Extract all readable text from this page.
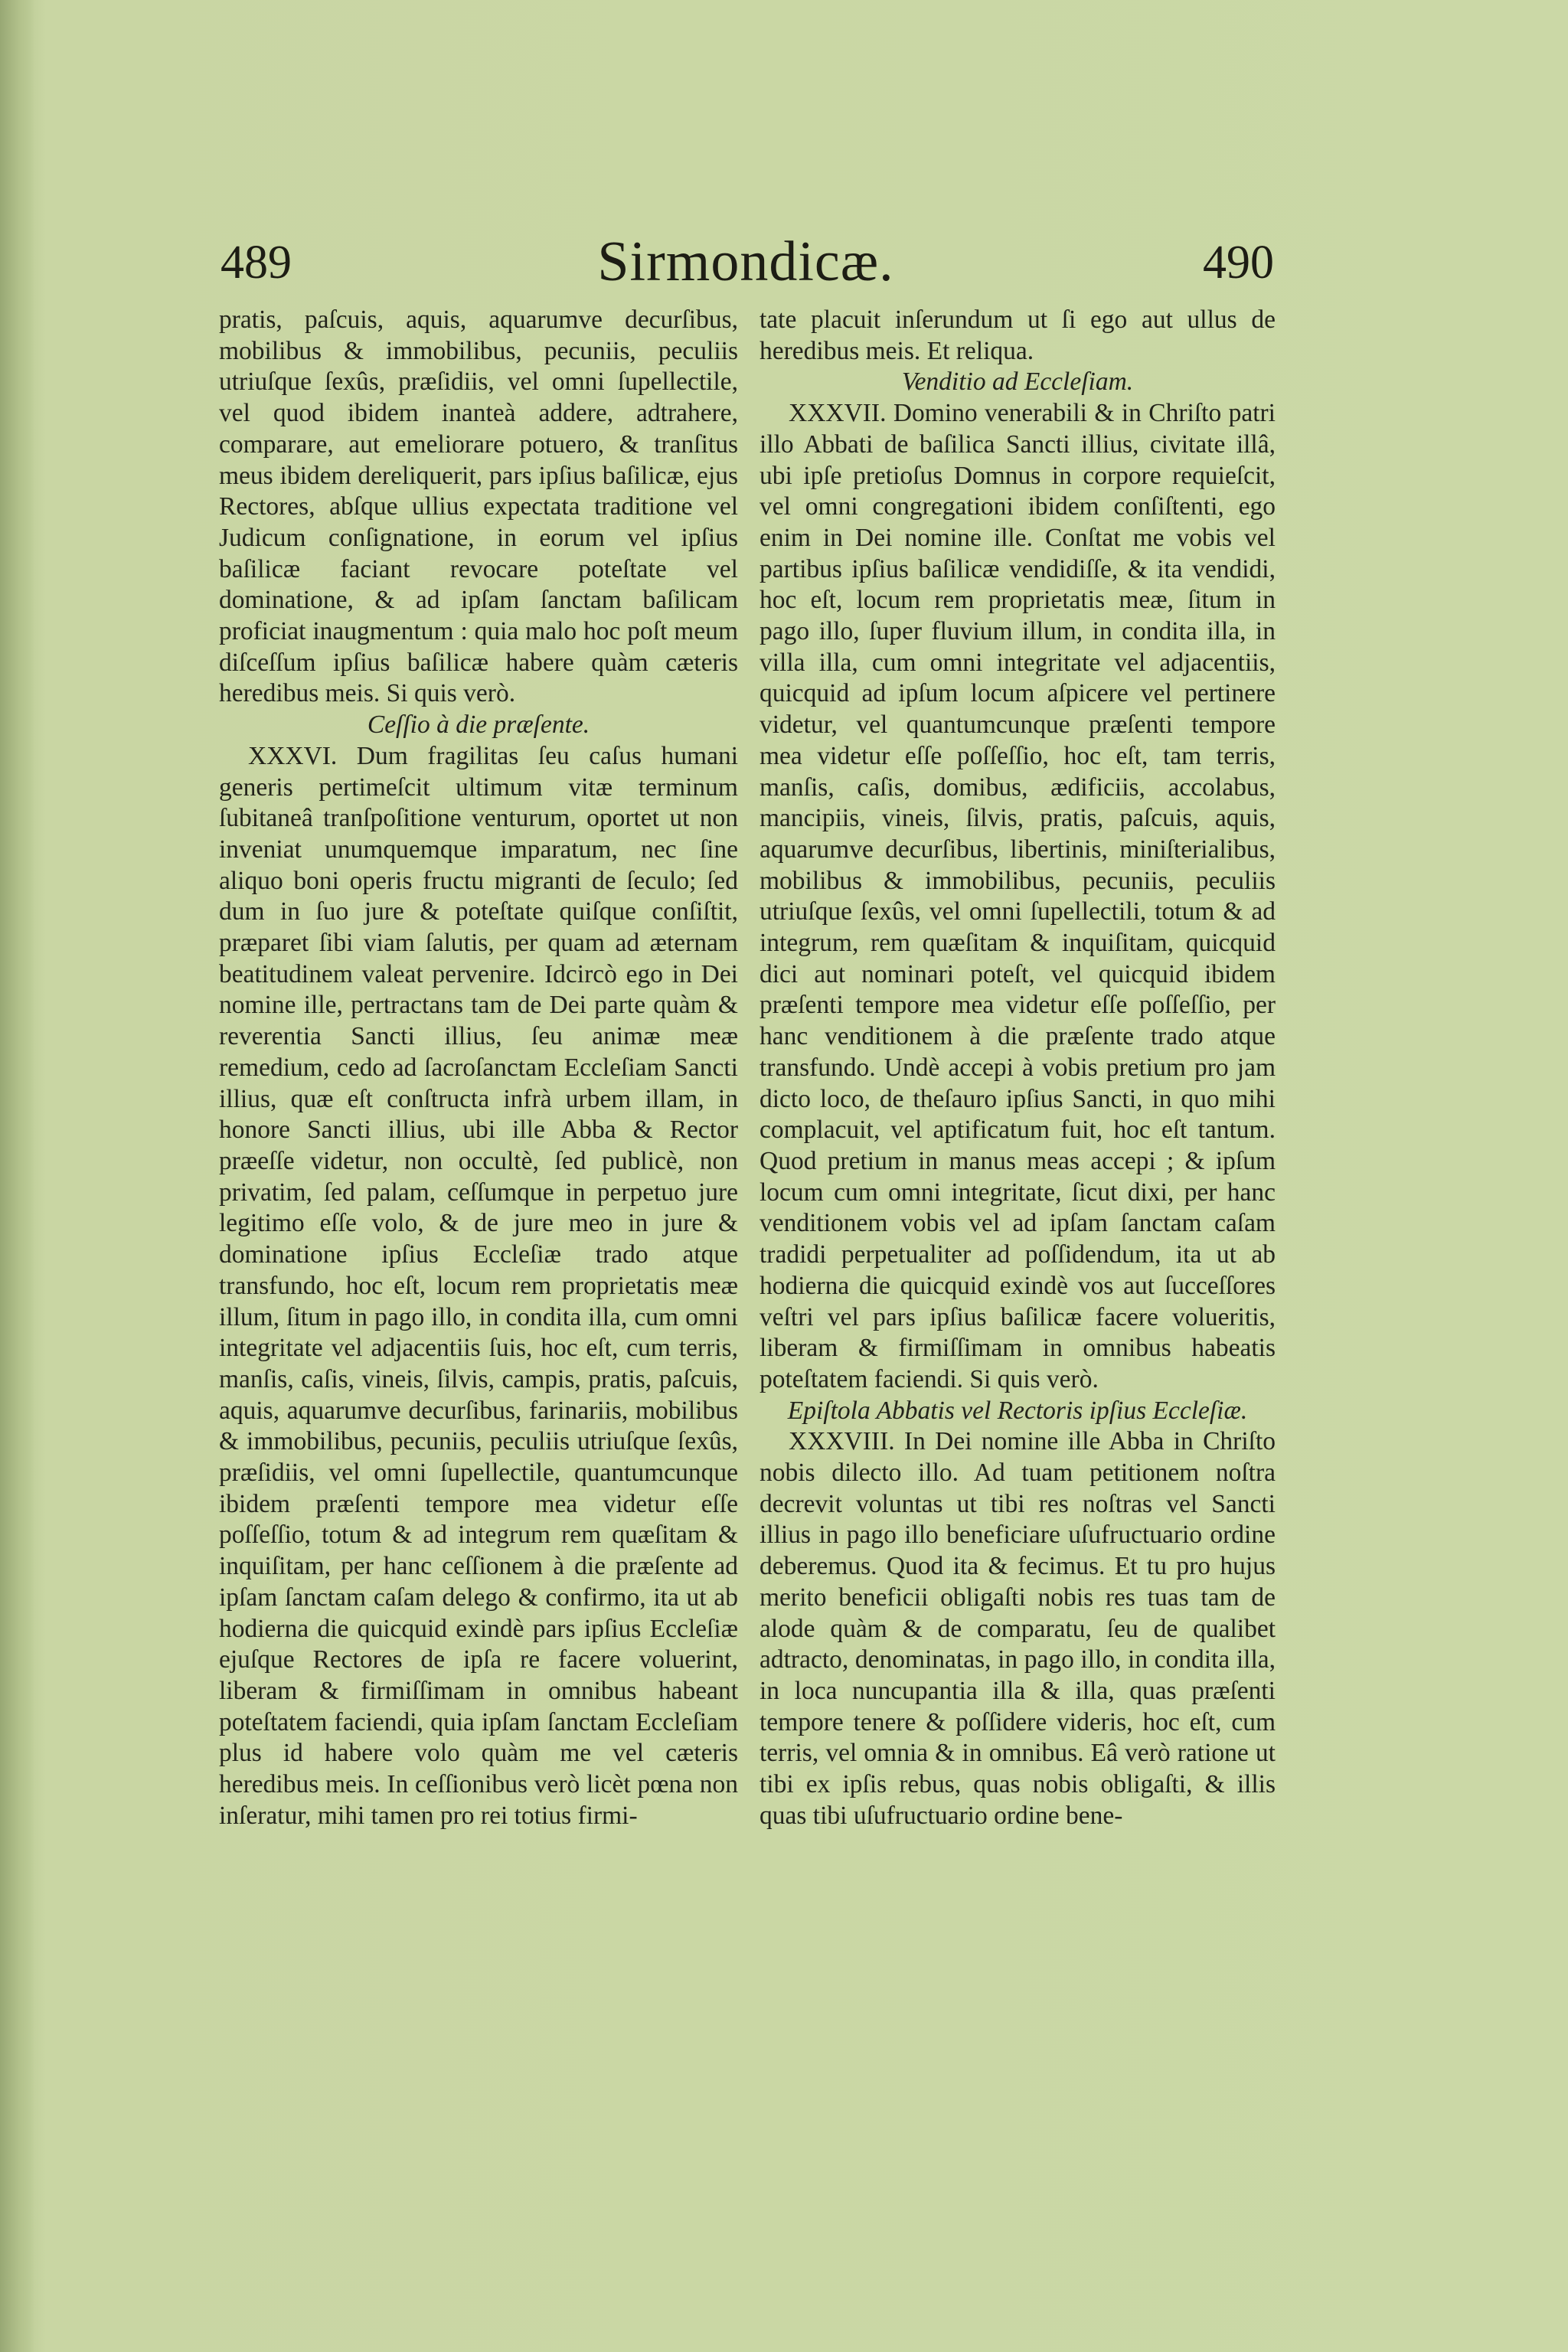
489	Sirmondicæ.	490

pratis, paſcuis, aquis, aquarumve decurſibus, mobilibus & immobilibus, pecuniis, peculiis utriuſque ſexûs, præſidiis, vel omni ſupellectile, vel quod ibidem inanteà addere, adtrahere, comparare, aut emeliorare potuero, & tranſitus meus ibidem dereliquerit, pars ipſius baſilicæ, ejus Rectores, abſque ullius expectata traditione vel Judicum conſignatione, in eorum vel ipſius baſilicæ faciant revocare poteſtate vel dominatione, & ad ipſam ſanctam baſilicam proficiat inaugmentum : quia malo hoc poſt meum diſceſſum ipſius baſilicæ habere quàm cæteris heredibus meis. Si quis verò.

Ceſſio à die præſente.

XXXVI. Dum fragilitas ſeu caſus humani generis pertimeſcit ultimum vitæ terminum ſubitaneâ tranſpoſitione venturum, oportet ut non inveniat unumquemque imparatum, nec ſine aliquo boni operis fructu migranti de ſeculo; ſed dum in ſuo jure & poteſtate quiſque conſiſtit, præparet ſibi viam ſalutis, per quam ad æternam beatitudinem valeat pervenire. Idcircò ego in Dei nomine ille, pertractans tam de Dei parte quàm & reverentia Sancti illius, ſeu animæ meæ remedium, cedo ad ſacroſanctam Eccleſiam Sancti illius, quæ eſt conſtructa infrà urbem illam, in honore Sancti illius, ubi ille Abba & Rector præeſſe videtur, non occultè, ſed publicè, non privatim, ſed palam, ceſſumque in perpetuo jure legitimo eſſe volo, & de jure meo in jure & dominatione ipſius Eccleſiæ trado atque transfundo, hoc eſt, locum rem proprietatis meæ illum, ſitum in pago illo, in condita illa, cum omni integritate vel adjacentiis ſuis, hoc eſt, cum terris, manſis, caſis, vineis, ſilvis, campis, pratis, paſcuis, aquis, aquarumve decurſibus, farinariis, mobilibus & immobilibus, pecuniis, peculiis utriuſque ſexûs, præſidiis, vel omni ſupellectile, quantumcunque ibidem præſenti tempore mea videtur eſſe poſſeſſio, totum & ad integrum rem quæſitam & inquiſitam, per hanc ceſſionem à die præſente ad ipſam ſanctam caſam delego & confirmo, ita ut ab hodierna die quicquid exindè pars ipſius Eccleſiæ ejuſque Rectores de ipſa re facere voluerint, liberam & firmiſſimam in omnibus habeant poteſtatem faciendi, quia ipſam ſanctam Eccleſiam plus id habere volo quàm me vel cæteris heredibus meis. In ceſſionibus verò licèt pœna non inſeratur, mihi tamen pro rei totius firmi-

tate placuit inſerundum ut ſi ego aut ullus de heredibus meis. Et reliqua.

Venditio ad Eccleſiam.

XXXVII. Domino venerabili & in Chriſto patri illo Abbati de baſilica Sancti illius, civitate illâ, ubi ipſe pretioſus Domnus in corpore requieſcit, vel omni congregationi ibidem conſiſtenti, ego enim in Dei nomine ille. Conſtat me vobis vel partibus ipſius baſilicæ vendidiſſe, & ita vendidi, hoc eſt, locum rem proprietatis meæ, ſitum in pago illo, ſuper fluvium illum, in condita illa, in villa illa, cum omni integritate vel adjacentiis, quicquid ad ipſum locum aſpicere vel pertinere videtur, vel quantumcunque præſenti tempore mea videtur eſſe poſſeſſio, hoc eſt, tam terris, manſis, caſis, domibus, ædificiis, accolabus, mancipiis, vineis, ſilvis, pratis, paſcuis, aquis, aquarumve decurſibus, libertinis, miniſterialibus, mobilibus & immobilibus, pecuniis, peculiis utriuſque ſexûs, vel omni ſupellectili, totum & ad integrum, rem quæſitam & inquiſitam, quicquid dici aut nominari poteſt, vel quicquid ibidem præſenti tempore mea videtur eſſe poſſeſſio, per hanc venditionem à die præſente trado atque transfundo. Undè accepi à vobis pretium pro jam dicto loco, de theſauro ipſius Sancti, in quo mihi complacuit, vel aptificatum fuit, hoc eſt tantum. Quod pretium in manus meas accepi ; & ipſum locum cum omni integritate, ſicut dixi, per hanc venditionem vobis vel ad ipſam ſanctam caſam tradidi perpetualiter ad poſſidendum, ita ut ab hodierna die quicquid exindè vos aut ſucceſſores veſtri vel pars ipſius baſilicæ facere volueritis, liberam & firmiſſimam in omnibus habeatis poteſtatem faciendi. Si quis verò.

Epiſtola Abbatis vel Rectoris ipſius Eccleſiæ.

XXXVIII. In Dei nomine ille Abba in Chriſto nobis dilecto illo. Ad tuam petitionem noſtra decrevit voluntas ut tibi res noſtras vel Sancti illius in pago illo beneficiare uſufructuario ordine deberemus. Quod ita & fecimus. Et tu pro hujus merito beneficii obligaſti nobis res tuas tam de alode quàm & de comparatu, ſeu de qualibet adtracto, denominatas, in pago illo, in condita illa, in loca nuncupantia illa & illa, quas præſenti tempore tenere & poſſidere videris, hoc eſt, cum terris, vel omnia & in omnibus. Eâ verò ratione ut tibi ex ipſis rebus, quas nobis obligaſti, & illis quas tibi uſufructuario ordine bene-
